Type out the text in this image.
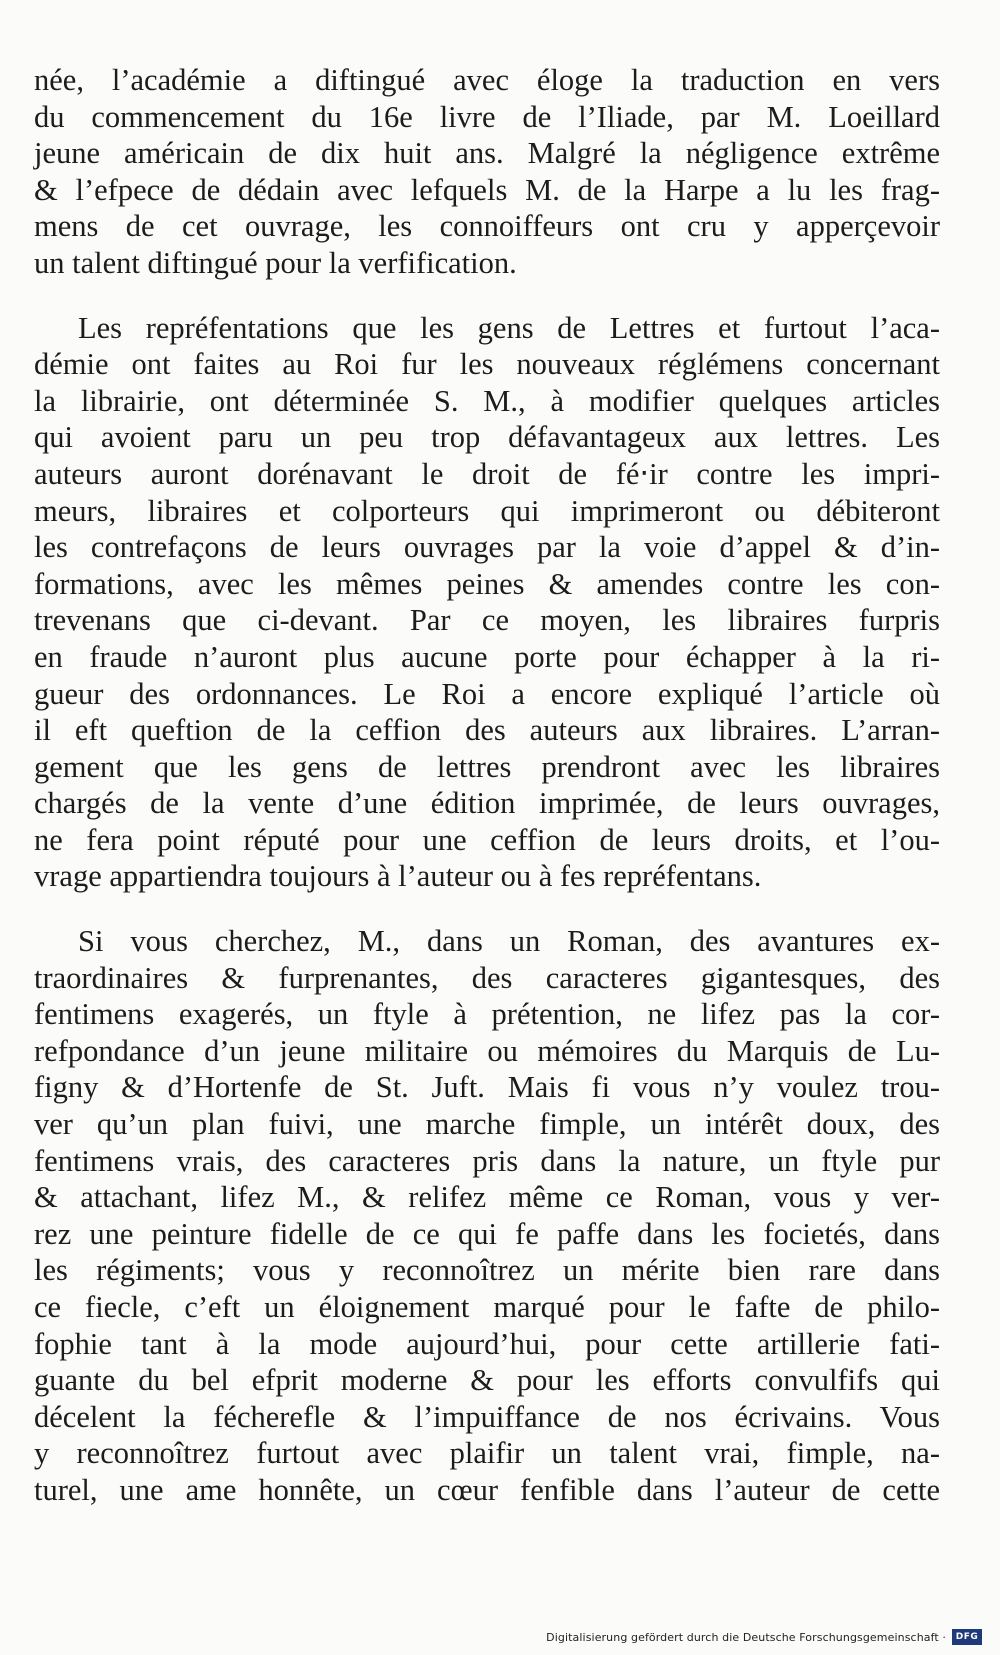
née, l’académie a diftingué avec éloge la traduction en vers
du commencement du 16e livre de l’Iliade, par M. Loeillard
jeune américain de dix huit ans. Malgré la négligence extrême
& l’efpece de dédain avec lefquels M. de la Harpe a lu les frag-
mens de cet ouvrage, les connoiffeurs ont cru y apperçevoir
un talent diftingué pour la verfification.
Les repréfentations que les gens de Lettres et furtout l’aca-
démie ont faites au Roi fur les nouveaux réglémens concernant
la librairie, ont déterminée S. M., à modifier quelques articles
qui avoient paru un peu trop défavantageux aux lettres. Les
auteurs auront dorénavant le droit de fé‧ir contre les impri-
meurs, libraires et colporteurs qui imprimeront ou débiteront
les contrefaçons de leurs ouvrages par la voie d’appel & d’in-
formations, avec les mêmes peines & amendes contre les con-
trevenans que ci-devant. Par ce moyen, les libraires furpris
en fraude n’auront plus aucune porte pour échapper à la ri-
gueur des ordonnances. Le Roi a encore expliqué l’article où
il eft queftion de la ceffion des auteurs aux libraires. L’arran-
gement que les gens de lettres prendront avec les libraires
chargés de la vente d’une édition imprimée, de leurs ouvrages,
ne fera point réputé pour une ceffion de leurs droits, et l’ou-
vrage appartiendra toujours à l’auteur ou à fes repréfentans.
Si vous cherchez, M., dans un Roman, des avantures ex-
traordinaires & furprenantes, des caracteres gigantesques, des
fentimens exagerés, un ftyle à prétention, ne lifez pas la cor-
refpondance d’un jeune militaire ou mémoires du Marquis de Lu-
figny & d’Hortenfe de St. Juft. Mais fi vous n’y voulez trou-
ver qu’un plan fuivi, une marche fimple, un intérêt doux, des
fentimens vrais, des caracteres pris dans la nature, un ftyle pur
& attachant, lifez M., & relifez même ce Roman, vous y ver-
rez une peinture fidelle de ce qui fe paffe dans les focietés, dans
les régiments; vous y reconnoîtrez un mérite bien rare dans
ce fiecle, c’eft un éloignement marqué pour le fafte de philo-
fophie tant à la mode aujourd’hui, pour cette artillerie fati-
guante du bel efprit moderne & pour les efforts convulfifs qui
décelent la fécherefle & l’impuiffance de nos écrivains. Vous
y reconnoîtrez furtout avec plaifir un talent vrai, fimple, na-
turel, une ame honnête, un cœur fenfible dans l’auteur de cette
Digitalisierung gefördert durch die Deutsche Forschungsgemeinschaft ·	DFG
